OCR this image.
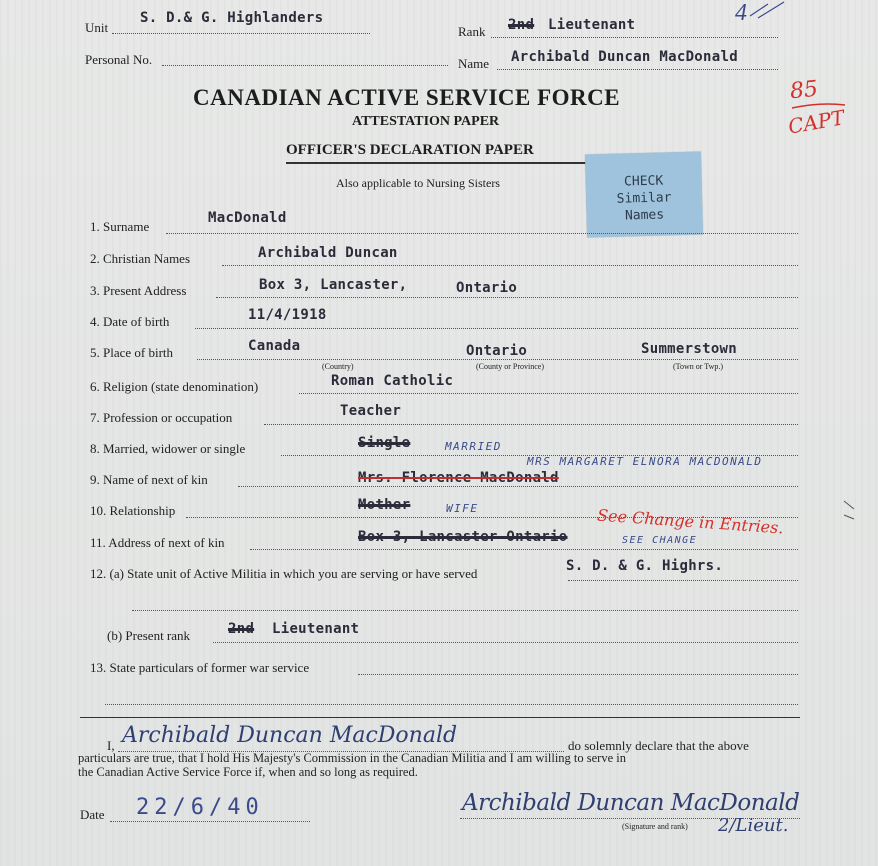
Unit
S. D.& G. Highlanders
Rank 2nd Lieutenant
Personal No.	Name Archibald Duncan MacDonald
4
85
CAPT
CANADIAN ACTIVE SERVICE FORCE
ATTESTATION PAPER
OFFICER'S DECLARATION PAPER
Also applicable to Nursing Sisters	CHECK
Similar
Names
1. Surname
MacDonald
2. Christian Names	Archibald Duncan
3. Present Address	Box 3, Lancaster,	Ontario
4. Date of birth	11/4/1918
5. Place of birth	Canada	Ontario	Summerstown
(Country)	(County or Province)	(Town or Twp.)
6. Religion (state denomination)	Roman Catholic
7. Profession or occupation	Teacher
8. Married, widower or single	Single	MARRIED
9. Name of next of kin	Mrs. Florence MacDonald
MRS MARGARET ELNORA MACDONALD
10. Relationship	Mother	WIFE
11. Address of next of kin	Box 3, Lancaster Ontario	SEE CHANGE
See Change in Entries.
12. (a) State unit of Active Militia in which you are serving or have served	S. D. & G. Highrs.
(b) Present rank	2nd Lieutenant
13. State particulars of former war service
I, Archibald Duncan MacDonald	do solemnly declare that the above
particulars are true, that I hold His Majesty's Commission in the Canadian Militia and I am willing to serve in
the Canadian Active Service Force if, when and so long as required.
Date 22/6/40	Archibald Duncan MacDonald
(Signature and rank) 2/Lieut.
